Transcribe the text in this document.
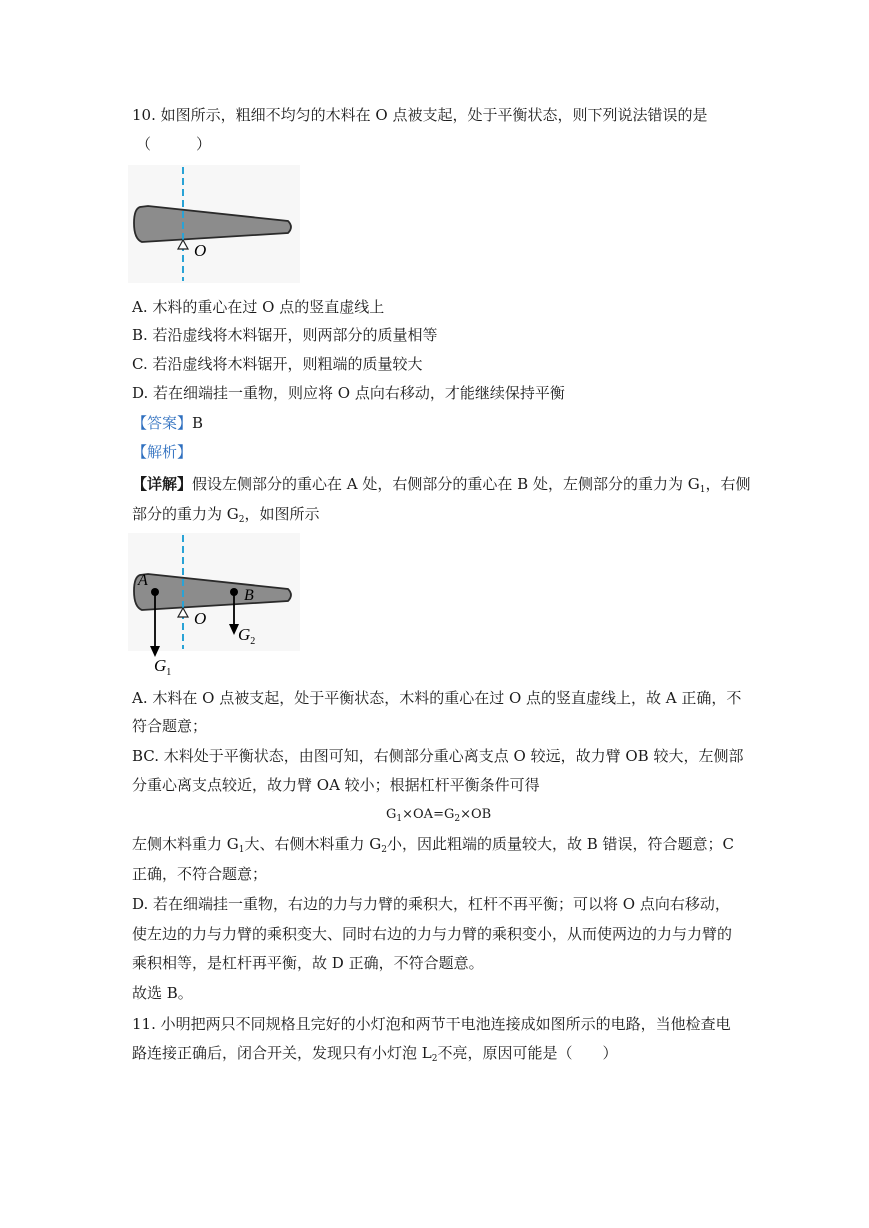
10. 如图所示，粗细不均匀的木料在 O 点被支起，处于平衡状态，则下列说法错误的是
（　　　）
O
A. 木料的重心在过 O 点的竖直虚线上
B. 若沿虚线将木料锯开，则两部分的质量相等
C. 若沿虚线将木料锯开，则粗端的质量较大
D. 若在细端挂一重物，则应将 O 点向右移动，才能继续保持平衡
【答案】B
【解析】
【详解】假设左侧部分的重心在 A 处，右侧部分的重心在 B 处，左侧部分的重力为 $G_1$，右侧
部分的重力为 $G_2$，如图所示
O
A
$G_1$
B
$G_2$
A. 木料在 O 点被支起，处于平衡状态，木料的重心在过 O 点的竖直虚线上，故 A 正确，不
符合题意；
BC. 木料处于平衡状态，由图可知，右侧部分重心离支点 O 较远，故力臂 OB 较大，左侧部
分重心离支点较近，故力臂 OA 较小；根据杠杆平衡条件可得
$G_1\times OA=G_2\times OB$
左侧木料重力 $G_1$大、右侧木料重力 $G_2$小，因此粗端的质量较大，故 B 错误，符合题意；C
正确，不符合题意；
D. 若在细端挂一重物，右边的力与力臂的乘积大，杠杆不再平衡；可以将 O 点向右移动，
使左边的力与力臂的乘积变大、同时右边的力与力臂的乘积变小，从而使两边的力与力臂的
乘积相等，是杠杆再平衡，故 D 正确，不符合题意。
故选 B。
11. 小明把两只不同规格且完好的小灯泡和两节干电池连接成如图所示的电路，当他检查电
路连接正确后，闭合开关，发现只有小灯泡 $L_2$不亮，原因可能是（　　）
